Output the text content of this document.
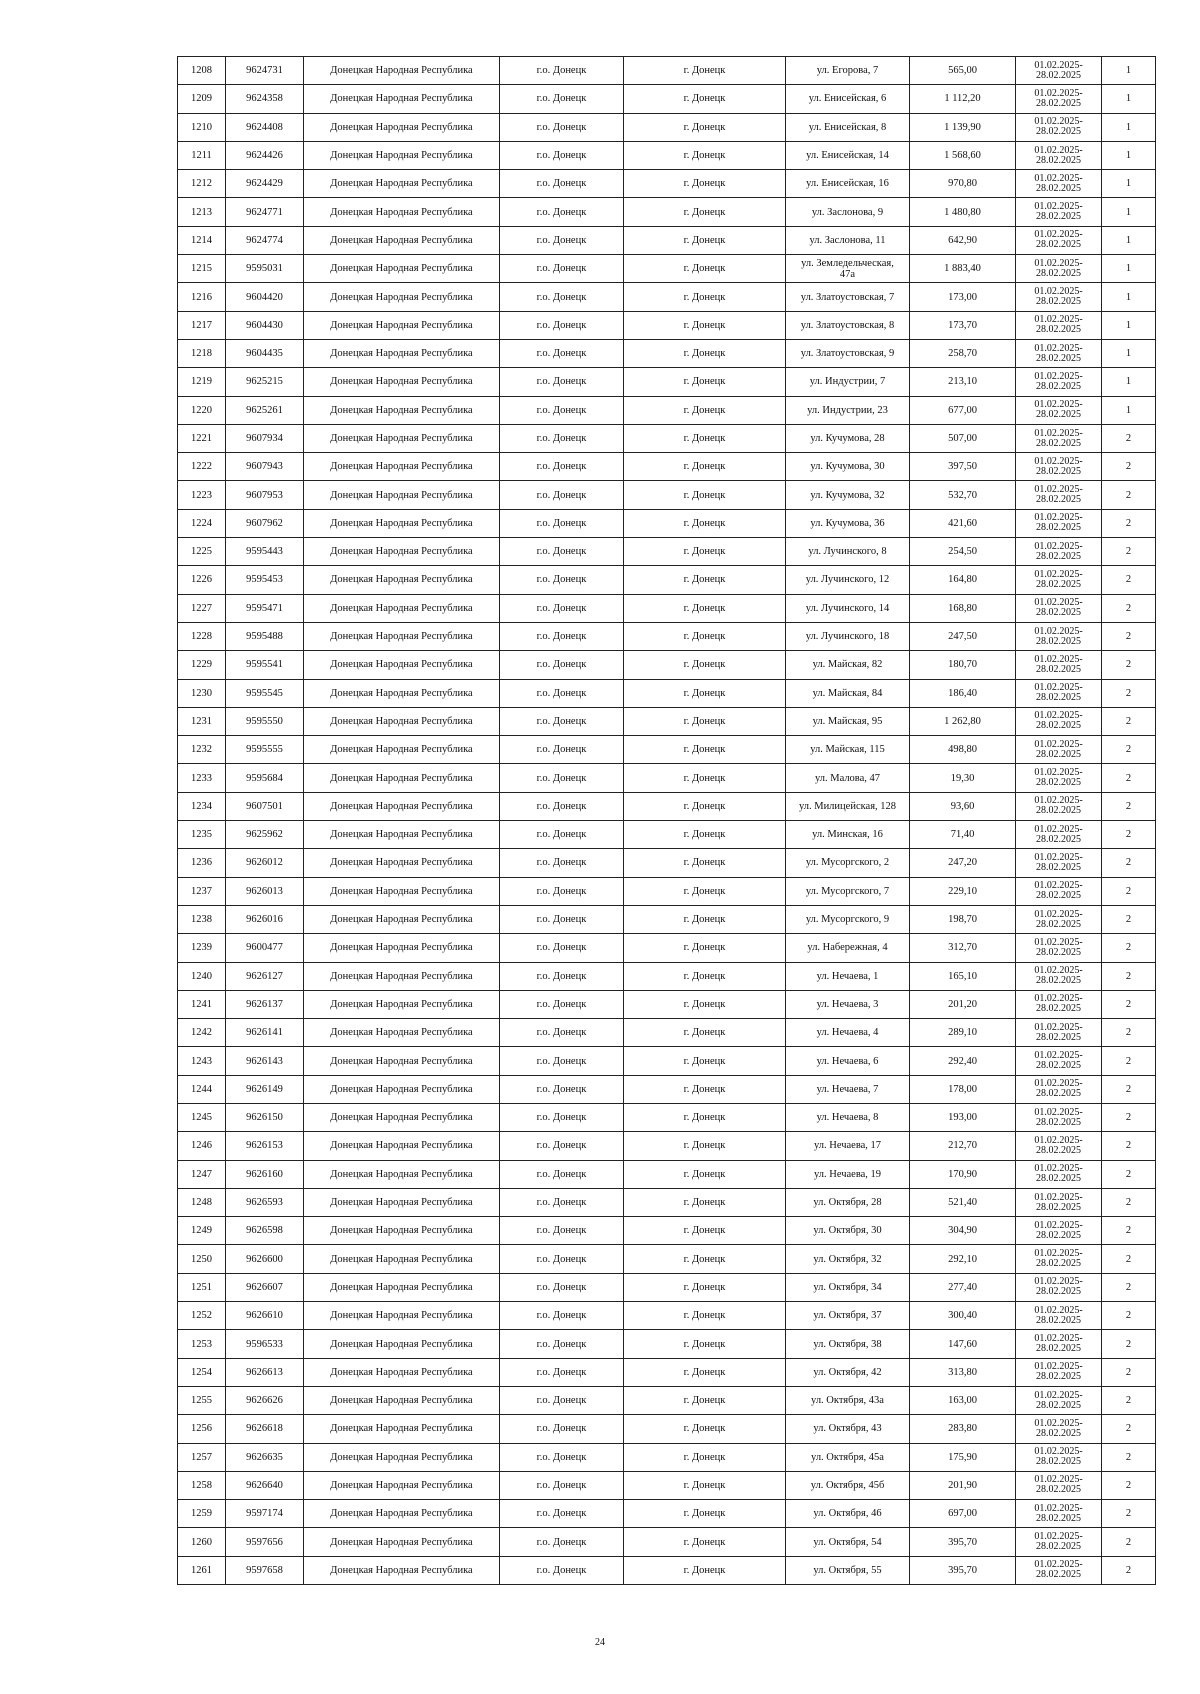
1208	9624731	Донецкая Народная Республика	г.о. Донецк	г. Донецк	ул. Егорова, 7	565,00	01.02.2025-
28.02.2025	1
1209	9624358	Донецкая Народная Республика	г.о. Донецк	г. Донецк	ул. Енисейская, 6	1 112,20	01.02.2025-
28.02.2025	1
1210	9624408	Донецкая Народная Республика	г.о. Донецк	г. Донецк	ул. Енисейская, 8	1 139,90	01.02.2025-
28.02.2025	1
1211	9624426	Донецкая Народная Республика	г.о. Донецк	г. Донецк	ул. Енисейская, 14	1 568,60	01.02.2025-
28.02.2025	1
1212	9624429	Донецкая Народная Республика	г.о. Донецк	г. Донецк	ул. Енисейская, 16	970,80	01.02.2025-
28.02.2025	1
1213	9624771	Донецкая Народная Республика	г.о. Донецк	г. Донецк	ул. Заслонова, 9	1 480,80	01.02.2025-
28.02.2025	1
1214	9624774	Донецкая Народная Республика	г.о. Донецк	г. Донецк	ул. Заслонова, 11	642,90	01.02.2025-
28.02.2025	1
1215	9595031	Донецкая Народная Республика	г.о. Донецк	г. Донецк	ул. Земледельческая,
47а	1 883,40	01.02.2025-
28.02.2025	1
1216	9604420	Донецкая Народная Республика	г.о. Донецк	г. Донецк	ул. Златоустовская, 7	173,00	01.02.2025-
28.02.2025	1
1217	9604430	Донецкая Народная Республика	г.о. Донецк	г. Донецк	ул. Златоустовская, 8	173,70	01.02.2025-
28.02.2025	1
1218	9604435	Донецкая Народная Республика	г.о. Донецк	г. Донецк	ул. Златоустовская, 9	258,70	01.02.2025-
28.02.2025	1
1219	9625215	Донецкая Народная Республика	г.о. Донецк	г. Донецк	ул. Индустрии, 7	213,10	01.02.2025-
28.02.2025	1
1220	9625261	Донецкая Народная Республика	г.о. Донецк	г. Донецк	ул. Индустрии, 23	677,00	01.02.2025-
28.02.2025	1
1221	9607934	Донецкая Народная Республика	г.о. Донецк	г. Донецк	ул. Кучумова, 28	507,00	01.02.2025-
28.02.2025	2
1222	9607943	Донецкая Народная Республика	г.о. Донецк	г. Донецк	ул. Кучумова, 30	397,50	01.02.2025-
28.02.2025	2
1223	9607953	Донецкая Народная Республика	г.о. Донецк	г. Донецк	ул. Кучумова, 32	532,70	01.02.2025-
28.02.2025	2
1224	9607962	Донецкая Народная Республика	г.о. Донецк	г. Донецк	ул. Кучумова, 36	421,60	01.02.2025-
28.02.2025	2
1225	9595443	Донецкая Народная Республика	г.о. Донецк	г. Донецк	ул. Лучинского, 8	254,50	01.02.2025-
28.02.2025	2
1226	9595453	Донецкая Народная Республика	г.о. Донецк	г. Донецк	ул. Лучинского, 12	164,80	01.02.2025-
28.02.2025	2
1227	9595471	Донецкая Народная Республика	г.о. Донецк	г. Донецк	ул. Лучинского, 14	168,80	01.02.2025-
28.02.2025	2
1228	9595488	Донецкая Народная Республика	г.о. Донецк	г. Донецк	ул. Лучинского, 18	247,50	01.02.2025-
28.02.2025	2
1229	9595541	Донецкая Народная Республика	г.о. Донецк	г. Донецк	ул. Майская, 82	180,70	01.02.2025-
28.02.2025	2
1230	9595545	Донецкая Народная Республика	г.о. Донецк	г. Донецк	ул. Майская, 84	186,40	01.02.2025-
28.02.2025	2
1231	9595550	Донецкая Народная Республика	г.о. Донецк	г. Донецк	ул. Майская, 95	1 262,80	01.02.2025-
28.02.2025	2
1232	9595555	Донецкая Народная Республика	г.о. Донецк	г. Донецк	ул. Майская, 115	498,80	01.02.2025-
28.02.2025	2
1233	9595684	Донецкая Народная Республика	г.о. Донецк	г. Донецк	ул. Малова, 47	19,30	01.02.2025-
28.02.2025	2
1234	9607501	Донецкая Народная Республика	г.о. Донецк	г. Донецк	ул. Милицейская, 128	93,60	01.02.2025-
28.02.2025	2
1235	9625962	Донецкая Народная Республика	г.о. Донецк	г. Донецк	ул. Минская, 16	71,40	01.02.2025-
28.02.2025	2
1236	9626012	Донецкая Народная Республика	г.о. Донецк	г. Донецк	ул. Мусоргского, 2	247,20	01.02.2025-
28.02.2025	2
1237	9626013	Донецкая Народная Республика	г.о. Донецк	г. Донецк	ул. Мусоргского, 7	229,10	01.02.2025-
28.02.2025	2
1238	9626016	Донецкая Народная Республика	г.о. Донецк	г. Донецк	ул. Мусоргского, 9	198,70	01.02.2025-
28.02.2025	2
1239	9600477	Донецкая Народная Республика	г.о. Донецк	г. Донецк	ул. Набережная, 4	312,70	01.02.2025-
28.02.2025	2
1240	9626127	Донецкая Народная Республика	г.о. Донецк	г. Донецк	ул. Нечаева, 1	165,10	01.02.2025-
28.02.2025	2
1241	9626137	Донецкая Народная Республика	г.о. Донецк	г. Донецк	ул. Нечаева, 3	201,20	01.02.2025-
28.02.2025	2
1242	9626141	Донецкая Народная Республика	г.о. Донецк	г. Донецк	ул. Нечаева, 4	289,10	01.02.2025-
28.02.2025	2
1243	9626143	Донецкая Народная Республика	г.о. Донецк	г. Донецк	ул. Нечаева, 6	292,40	01.02.2025-
28.02.2025	2
1244	9626149	Донецкая Народная Республика	г.о. Донецк	г. Донецк	ул. Нечаева, 7	178,00	01.02.2025-
28.02.2025	2
1245	9626150	Донецкая Народная Республика	г.о. Донецк	г. Донецк	ул. Нечаева, 8	193,00	01.02.2025-
28.02.2025	2
1246	9626153	Донецкая Народная Республика	г.о. Донецк	г. Донецк	ул. Нечаева, 17	212,70	01.02.2025-
28.02.2025	2
1247	9626160	Донецкая Народная Республика	г.о. Донецк	г. Донецк	ул. Нечаева, 19	170,90	01.02.2025-
28.02.2025	2
1248	9626593	Донецкая Народная Республика	г.о. Донецк	г. Донецк	ул. Октября, 28	521,40	01.02.2025-
28.02.2025	2
1249	9626598	Донецкая Народная Республика	г.о. Донецк	г. Донецк	ул. Октября, 30	304,90	01.02.2025-
28.02.2025	2
1250	9626600	Донецкая Народная Республика	г.о. Донецк	г. Донецк	ул. Октября, 32	292,10	01.02.2025-
28.02.2025	2
1251	9626607	Донецкая Народная Республика	г.о. Донецк	г. Донецк	ул. Октября, 34	277,40	01.02.2025-
28.02.2025	2
1252	9626610	Донецкая Народная Республика	г.о. Донецк	г. Донецк	ул. Октября, 37	300,40	01.02.2025-
28.02.2025	2
1253	9596533	Донецкая Народная Республика	г.о. Донецк	г. Донецк	ул. Октября, 38	147,60	01.02.2025-
28.02.2025	2
1254	9626613	Донецкая Народная Республика	г.о. Донецк	г. Донецк	ул. Октября, 42	313,80	01.02.2025-
28.02.2025	2
1255	9626626	Донецкая Народная Республика	г.о. Донецк	г. Донецк	ул. Октября, 43а	163,00	01.02.2025-
28.02.2025	2
1256	9626618	Донецкая Народная Республика	г.о. Донецк	г. Донецк	ул. Октября, 43	283,80	01.02.2025-
28.02.2025	2
1257	9626635	Донецкая Народная Республика	г.о. Донецк	г. Донецк	ул. Октября, 45а	175,90	01.02.2025-
28.02.2025	2
1258	9626640	Донецкая Народная Республика	г.о. Донецк	г. Донецк	ул. Октября, 45б	201,90	01.02.2025-
28.02.2025	2
1259	9597174	Донецкая Народная Республика	г.о. Донецк	г. Донецк	ул. Октября, 46	697,00	01.02.2025-
28.02.2025	2
1260	9597656	Донецкая Народная Республика	г.о. Донецк	г. Донецк	ул. Октября, 54	395,70	01.02.2025-
28.02.2025	2
1261	9597658	Донецкая Народная Республика	г.о. Донецк	г. Донецк	ул. Октября, 55	395,70	01.02.2025-
28.02.2025	2
24
